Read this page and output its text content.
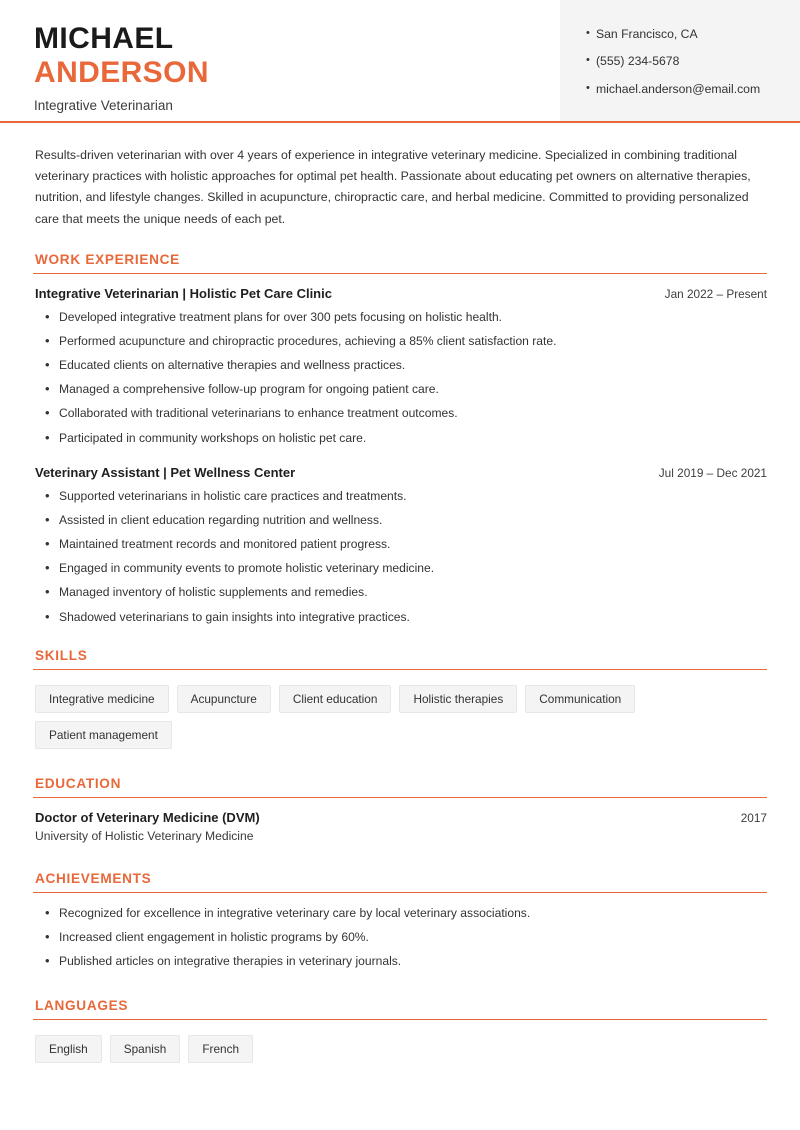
MICHAEL
ANDERSON
Integrative Veterinarian
• San Francisco, CA
• (555) 234-5678
• michael.anderson@email.com
Results-driven veterinarian with over 4 years of experience in integrative veterinary medicine. Specialized in combining traditional veterinary practices with holistic approaches for optimal pet health. Passionate about educating pet owners on alternative therapies, nutrition, and lifestyle changes. Skilled in acupuncture, chiropractic care, and herbal medicine. Committed to providing personalized care that meets the unique needs of each pet.
WORK EXPERIENCE
Integrative Veterinarian | Holistic Pet Care Clinic	Jan 2022 – Present
• Developed integrative treatment plans for over 300 pets focusing on holistic health.
• Performed acupuncture and chiropractic procedures, achieving a 85% client satisfaction rate.
• Educated clients on alternative therapies and wellness practices.
• Managed a comprehensive follow-up program for ongoing patient care.
• Collaborated with traditional veterinarians to enhance treatment outcomes.
• Participated in community workshops on holistic pet care.
Veterinary Assistant | Pet Wellness Center	Jul 2019 – Dec 2021
• Supported veterinarians in holistic care practices and treatments.
• Assisted in client education regarding nutrition and wellness.
• Maintained treatment records and monitored patient progress.
• Engaged in community events to promote holistic veterinary medicine.
• Managed inventory of holistic supplements and remedies.
• Shadowed veterinarians to gain insights into integrative practices.
SKILLS
Integrative medicine	Acupuncture	Client education	Holistic therapies	Communication
Patient management
EDUCATION
Doctor of Veterinary Medicine (DVM)	2017
University of Holistic Veterinary Medicine
ACHIEVEMENTS
• Recognized for excellence in integrative veterinary care by local veterinary associations.
• Increased client engagement in holistic programs by 60%.
• Published articles on integrative therapies in veterinary journals.
LANGUAGES
English	Spanish	French
